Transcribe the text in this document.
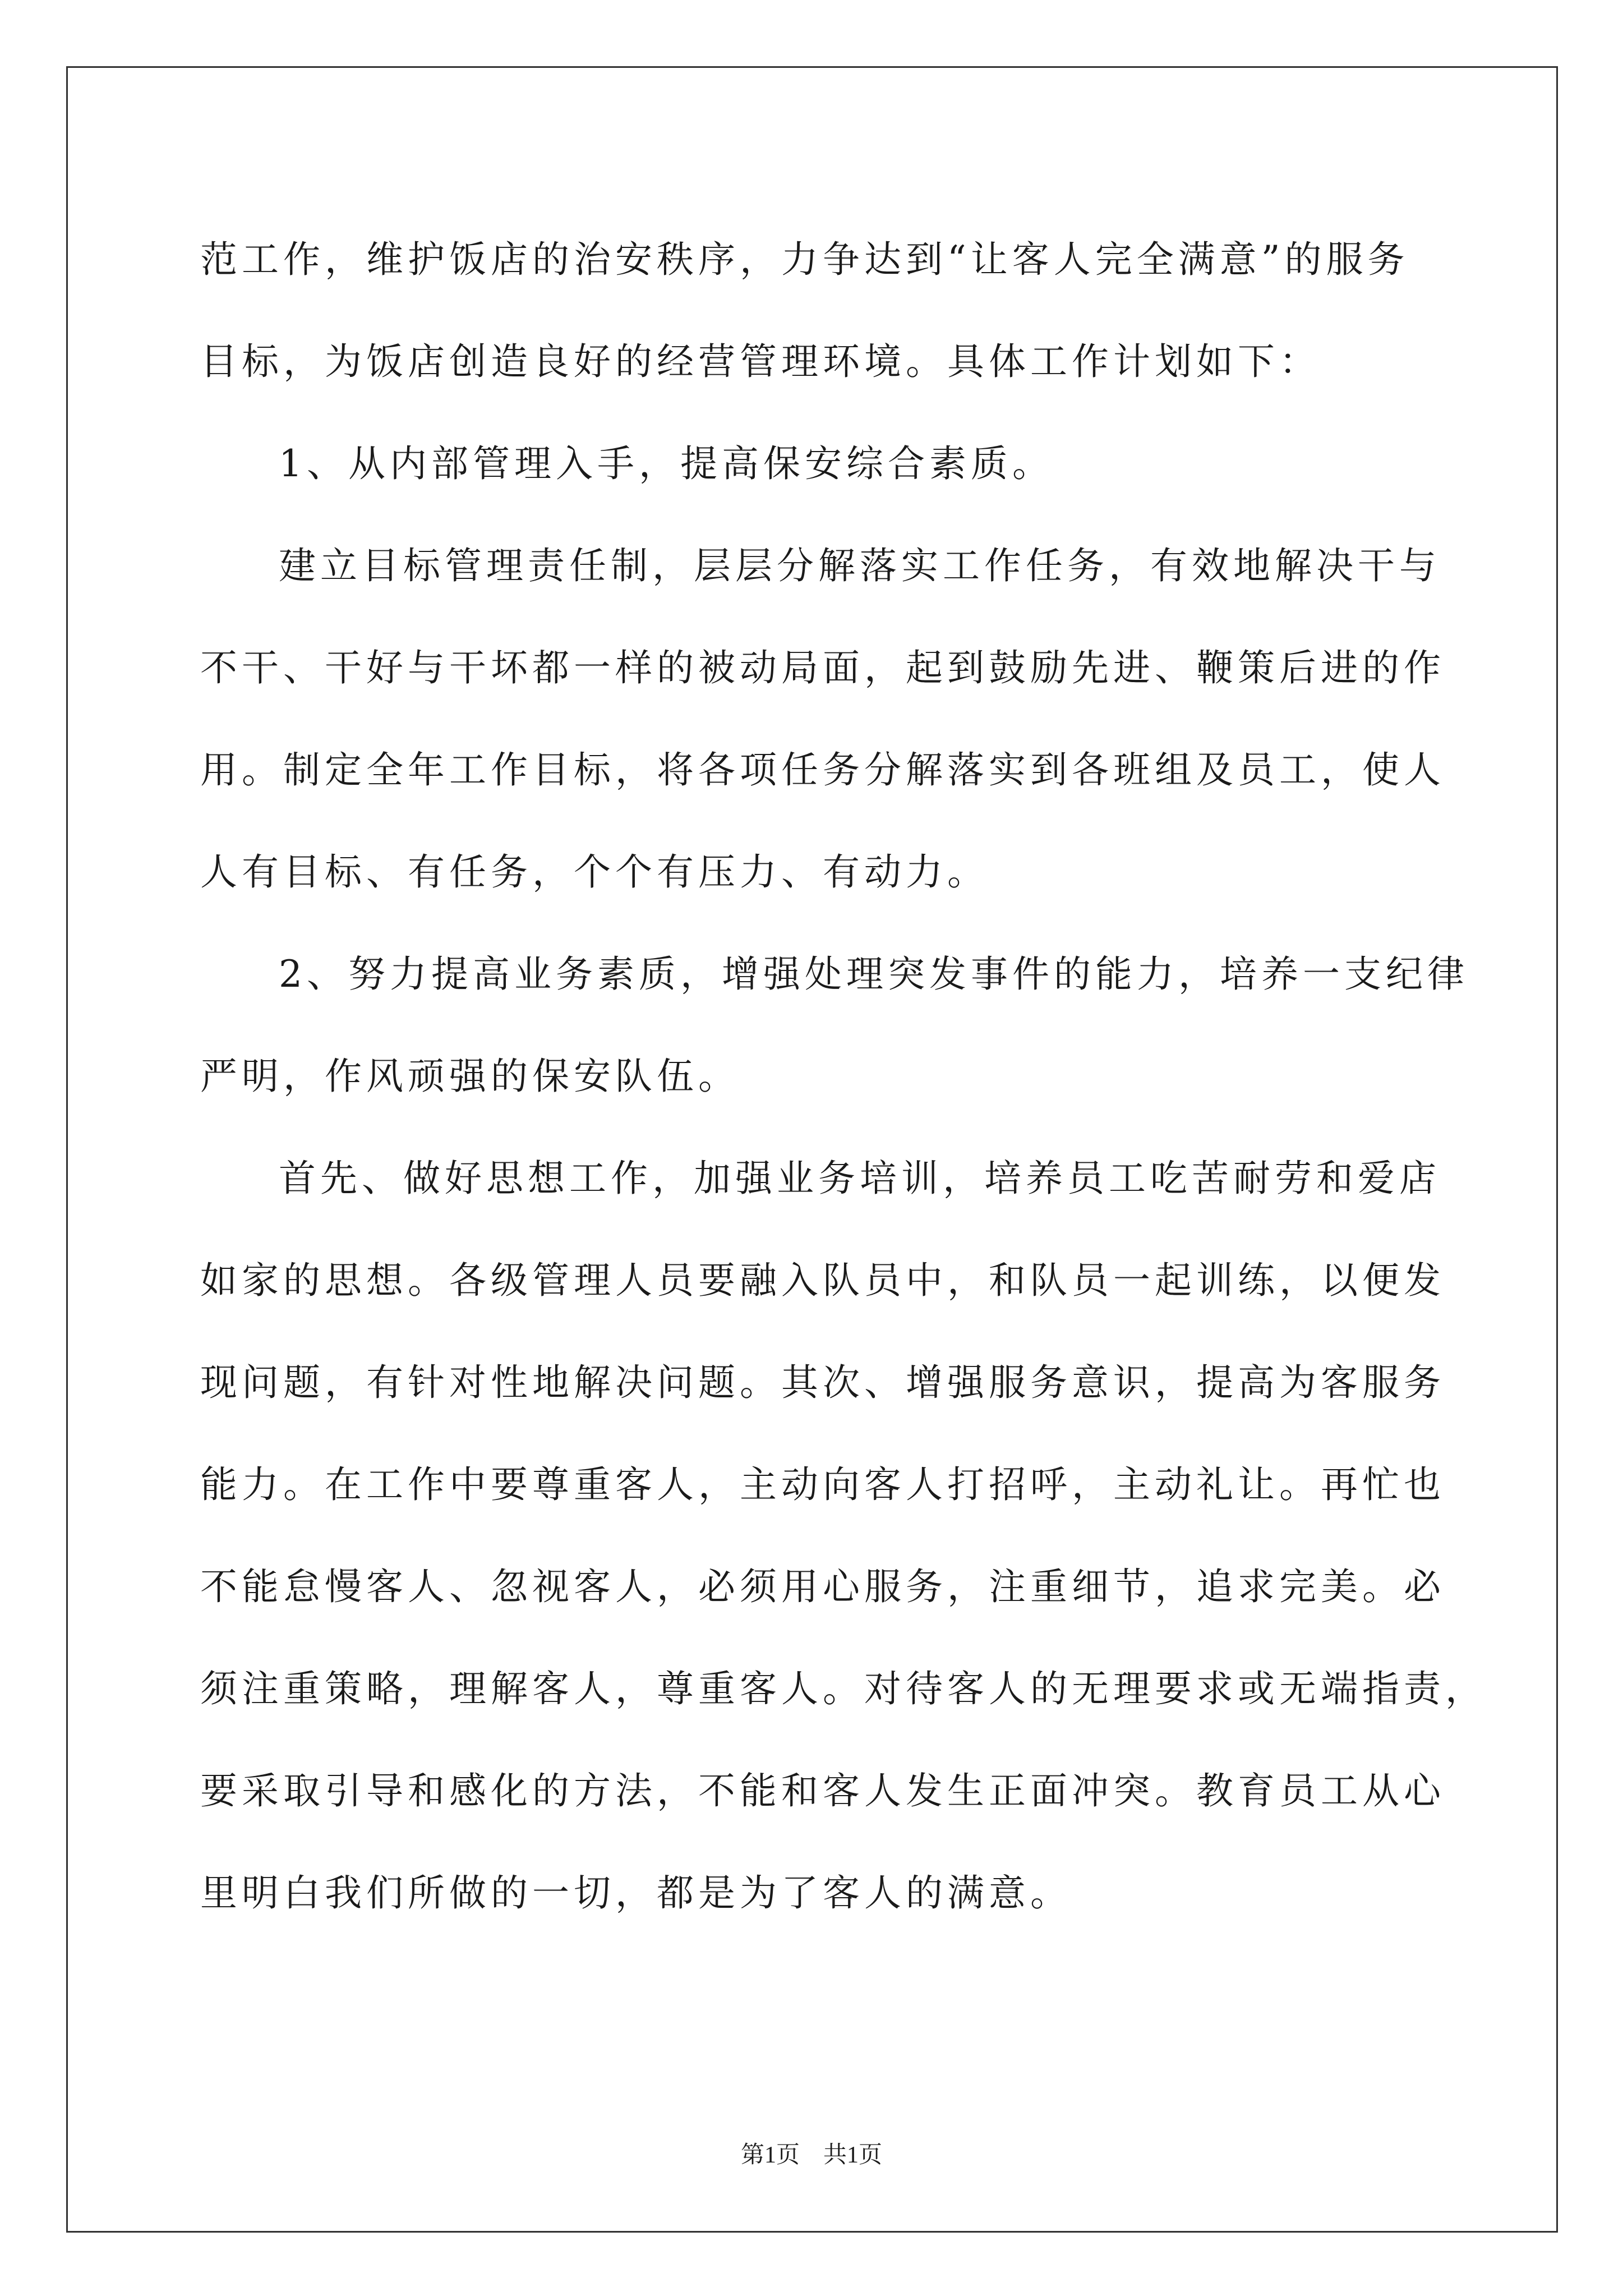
范工作，维护饭店的治安秩序，力争达到“让客人完全满意”的服务
目标，为饭店创造良好的经营管理环境。具体工作计划如下：
1、从内部管理入手，提高保安综合素质。
建立目标管理责任制，层层分解落实工作任务，有效地解决干与
不干、干好与干坏都一样的被动局面，起到鼓励先进、鞭策后进的作
用。制定全年工作目标，将各项任务分解落实到各班组及员工，使人
人有目标、有任务，个个有压力、有动力。
2、努力提高业务素质，增强处理突发事件的能力，培养一支纪律
严明，作风顽强的保安队伍。
首先、做好思想工作，加强业务培训，培养员工吃苦耐劳和爱店
如家的思想。各级管理人员要融入队员中，和队员一起训练，以便发
现问题，有针对性地解决问题。其次、增强服务意识，提高为客服务
能力。在工作中要尊重客人，主动向客人打招呼，主动礼让。再忙也
不能怠慢客人、忽视客人，必须用心服务，注重细节，追求完美。必
须注重策略，理解客人，尊重客人。对待客人的无理要求或无端指责，
要采取引导和感化的方法，不能和客人发生正面冲突。教育员工从心
里明白我们所做的一切，都是为了客人的满意。
第1页　共1页
